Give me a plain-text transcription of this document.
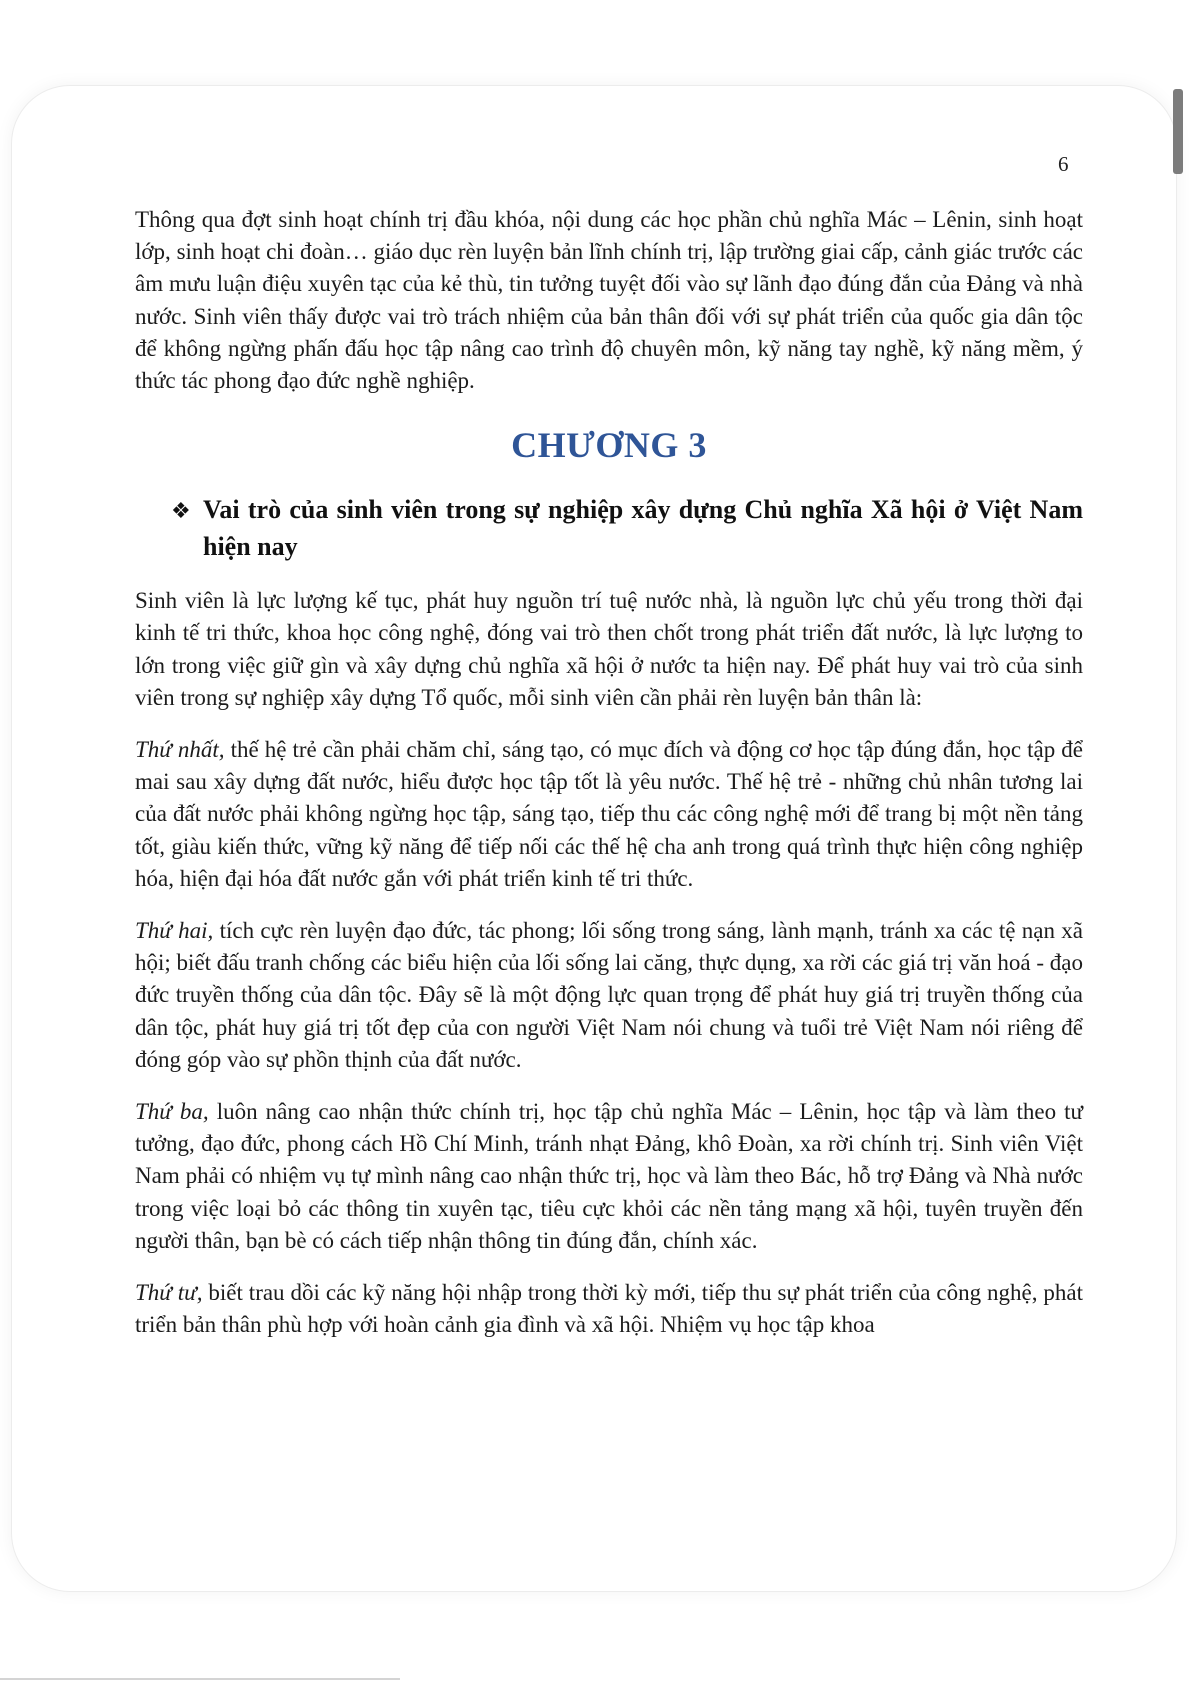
6

Thông qua đợt sinh hoạt chính trị đầu khóa, nội dung các học phần chủ nghĩa Mác – Lênin, sinh hoạt lớp, sinh hoạt chi đoàn… giáo dục rèn luyện bản lĩnh chính trị, lập trường giai cấp, cảnh giác trước các âm mưu luận điệu xuyên tạc của kẻ thù, tin tưởng tuyệt đối vào sự lãnh đạo đúng đắn của Đảng và nhà nước. Sinh viên thấy được vai trò trách nhiệm của bản thân đối với sự phát triển của quốc gia dân tộc để không ngừng phấn đấu học tập nâng cao trình độ chuyên môn, kỹ năng tay nghề, kỹ năng mềm, ý thức tác phong đạo đức nghề nghiệp.

CHƯƠNG 3
❖ Vai trò của sinh viên trong sự nghiệp xây dựng Chủ nghĩa Xã hội ở Việt Nam hiện nay

Sinh viên là lực lượng kế tục, phát huy nguồn trí tuệ nước nhà, là nguồn lực chủ yếu trong thời đại kinh tế tri thức, khoa học công nghệ, đóng vai trò then chốt trong phát triển đất nước, là lực lượng to lớn trong việc giữ gìn và xây dựng chủ nghĩa xã hội ở nước ta hiện nay. Để phát huy vai trò của sinh viên trong sự nghiệp xây dựng Tổ quốc, mỗi sinh viên cần phải rèn luyện bản thân là:

Thứ nhất, thế hệ trẻ cần phải chăm chỉ, sáng tạo, có mục đích và động cơ học tập đúng đắn, học tập để mai sau xây dựng đất nước, hiểu được học tập tốt là yêu nước. Thế hệ trẻ - những chủ nhân tương lai của đất nước phải không ngừng học tập, sáng tạo, tiếp thu các công nghệ mới để trang bị một nền tảng tốt, giàu kiến thức, vững kỹ năng để tiếp nối các thế hệ cha anh trong quá trình thực hiện công nghiệp hóa, hiện đại hóa đất nước gắn với phát triển kinh tế tri thức.

Thứ hai, tích cực rèn luyện đạo đức, tác phong; lối sống trong sáng, lành mạnh, tránh xa các tệ nạn xã hội; biết đấu tranh chống các biểu hiện của lối sống lai căng, thực dụng, xa rời các giá trị văn hoá - đạo đức truyền thống của dân tộc. Đây sẽ là một động lực quan trọng để phát huy giá trị truyền thống của dân tộc, phát huy giá trị tốt đẹp của con người Việt Nam nói chung và tuổi trẻ Việt Nam nói riêng để đóng góp vào sự phồn thịnh của đất nước.

Thứ ba, luôn nâng cao nhận thức chính trị, học tập chủ nghĩa Mác – Lênin, học tập và làm theo tư tưởng, đạo đức, phong cách Hồ Chí Minh, tránh nhạt Đảng, khô Đoàn, xa rời chính trị. Sinh viên Việt Nam phải có nhiệm vụ tự mình nâng cao nhận thức trị, học và làm theo Bác, hỗ trợ Đảng và Nhà nước trong việc loại bỏ các thông tin xuyên tạc, tiêu cực khỏi các nền tảng mạng xã hội, tuyên truyền đến người thân, bạn bè có cách tiếp nhận thông tin đúng đắn, chính xác.

Thứ tư, biết trau dồi các kỹ năng hội nhập trong thời kỳ mới, tiếp thu sự phát triển của công nghệ, phát triển bản thân phù hợp với hoàn cảnh gia đình và xã hội. Nhiệm vụ học tập khoa
